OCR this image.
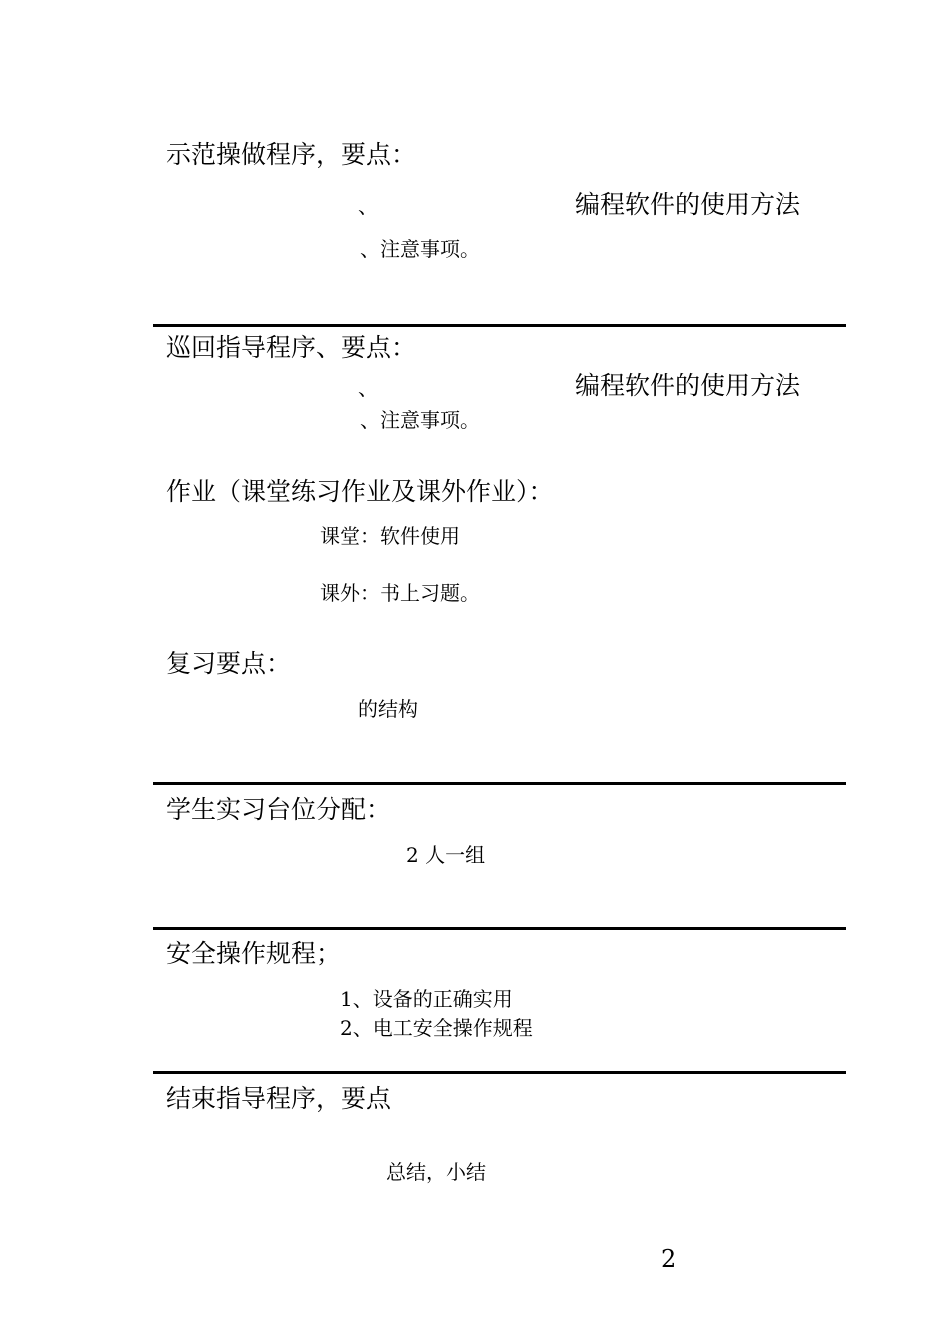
示范操做程序，要点：
、	编程软件的使用方法
、注意事项。
巡回指导程序、要点：
、	编程软件的使用方法
、注意事项。
作业（课堂练习作业及课外作业）：
课堂：软件使用
课外：书上习题。
复习要点：
的结构
学生实习台位分配：
2 人一组
安全操作规程；
1、设备的正确实用
2、电工安全操作规程
结束指导程序，要点
总结，小结
2
